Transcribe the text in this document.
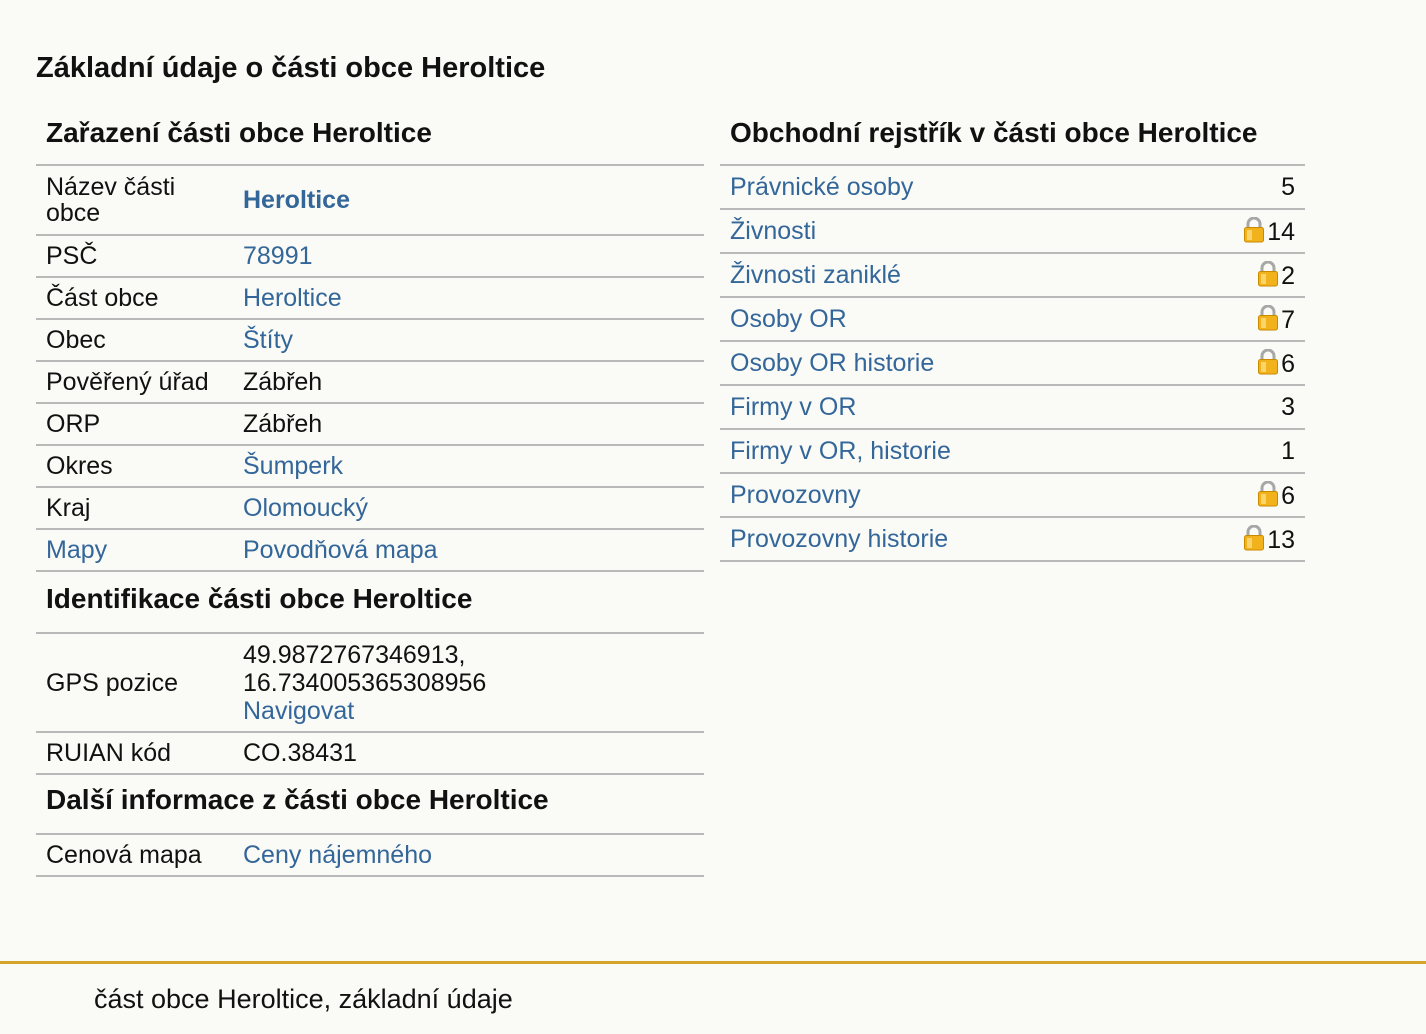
Základní údaje o části obce Heroltice
Zařazení části obce Heroltice
Název části obce	Heroltice
PSČ	78991
Část obce	Heroltice
Obec	Štíty
Pověřený úřad	Zábřeh
ORP	Zábřeh
Okres	Šumperk
Kraj	Olomoucký
Mapy	Povodňová mapa
Identifikace části obce Heroltice
GPS pozice	49.9872767346913,
16.734005365308956
Navigovat
RUIAN kód	CO.38431
Další informace z části obce Heroltice
Cenová mapa	Ceny nájemného
Obchodní rejstřík v části obce Heroltice
Právnické osoby	5
Živnosti	14
Živnosti zaniklé	2
Osoby OR	7
Osoby OR historie	6
Firmy v OR	3
Firmy v OR, historie	1
Provozovny	6
Provozovny historie	13
část obce Heroltice, základní údaje
